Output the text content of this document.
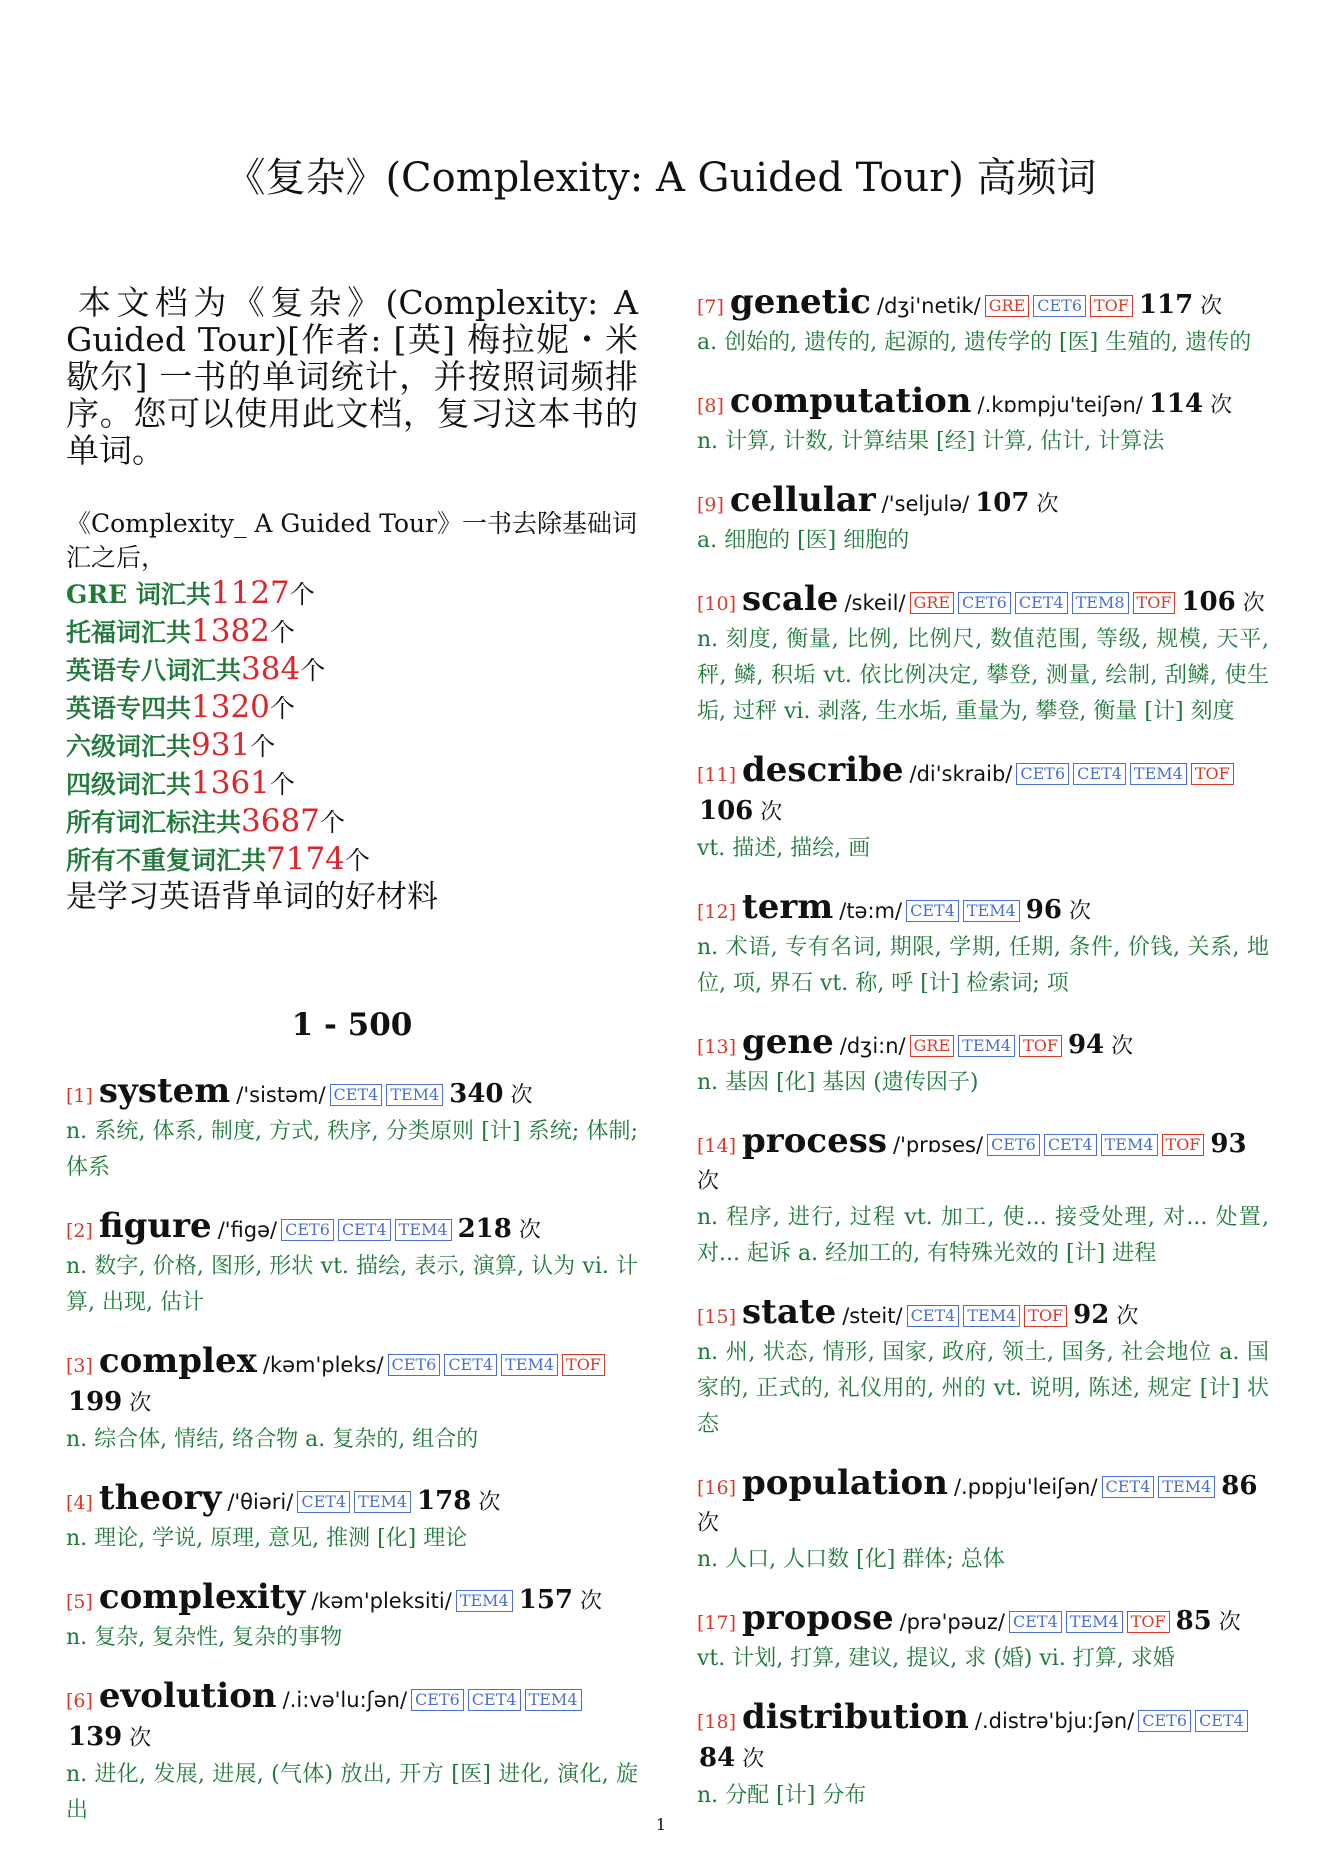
《复杂》(Complexity: A Guided Tour) 高频词

本文档为《复杂》(Complexity: A Guided Tour)[作者: [英] 梅拉妮・米歇尔] 一书的单词统计，并按照词频排序。您可以使用此文档，复习这本书的单词。

《Complexity_ A Guided Tour》一书去除基础词汇之后，
GRE 词汇共1127个
托福词汇共1382个
英语专八词汇共384个
英语专四共1320个
六级词汇共931个
四级词汇共1361个
所有词汇标注共3687个
所有不重复词汇共7174个
是学习英语背单词的好材料
1 - 500
[1] system /'sistəm/ CET4 TEM4 340 次
n. 系统, 体系, 制度, 方式, 秩序, 分类原则 [计] 系统; 体制; 体系
[2] figure /'figə/ CET6 CET4 TEM4 218 次
n. 数字, 价格, 图形, 形状 vt. 描绘, 表示, 演算, 认为 vi. 计算, 出现, 估计
[3] complex /kəm'pleks/ CET6 CET4 TEM4 TOF199 次
n. 综合体, 情结, 络合物 a. 复杂的, 组合的
[4] theory /'θiəri/ CET4 TEM4 178 次
n. 理论, 学说, 原理, 意见, 推测 [化] 理论
[5] complexity /kəm'pleksiti/ TEM4 157 次
n. 复杂, 复杂性, 复杂的事物
[6] evolution /.i:və'lu:ʃən/ CET6 CET4 TEM4139 次
n. 进化, 发展, 进展, (气体) 放出, 开方 [医] 进化, 演化, 旋出
[7] genetic /dʒi'netik/ GRE CET6 TOF 117 次
a. 创始的, 遗传的, 起源的, 遗传学的 [医] 生殖的, 遗传的
[8] computation /.kɒmpju'teiʃən/ 114 次
n. 计算, 计数, 计算结果 [经] 计算, 估计, 计算法
[9] cellular /'seljulə/ 107 次
a. 细胞的 [医] 细胞的
[10] scale /skeil/ GRE CET6 CET4 TEM8 TOF 106 次
n. 刻度, 衡量, 比例, 比例尺, 数值范围, 等级, 规模, 天平, 秤, 鳞, 积垢 vt. 依比例决定, 攀登, 测量, 绘制, 刮鳞, 使生垢, 过秤 vi. 剥落, 生水垢, 重量为, 攀登, 衡量 [计] 刻度
[11] describe /di'skraib/ CET6 CET4 TEM4 TOF106 次
vt. 描述, 描绘, 画
[12] term /tə:m/ CET4 TEM4 96 次
n. 术语, 专有名词, 期限, 学期, 任期, 条件, 价钱, 关系, 地位, 项, 界石 vt. 称, 呼 [计] 检索词; 项
[13] gene /dʒi:n/ GRE TEM4 TOF 94 次
n. 基因 [化] 基因 (遗传因子)
[14] process /'prɒses/ CET6 CET4 TEM4 TOF 93 次
n. 程序, 进行, 过程 vt. 加工, 使... 接受处理, 对... 处置, 对... 起诉 a. 经加工的, 有特殊光效的 [计] 进程
[15] state /steit/ CET4 TEM4 TOF 92 次
n. 州, 状态, 情形, 国家, 政府, 领土, 国务, 社会地位 a. 国家的, 正式的, 礼仪用的, 州的 vt. 说明, 陈述, 规定 [计] 状态
[16] population /.pɒpju'leiʃən/ CET4 TEM4 86 次
n. 人口, 人口数 [化] 群体; 总体
[17] propose /prə'pəuz/ CET4 TEM4 TOF 85 次
vt. 计划, 打算, 建议, 提议, 求 (婚) vi. 打算, 求婚
[18] distribution /.distrə'bju:ʃən/ CET6 CET484 次
n. 分配 [计] 分布
1
